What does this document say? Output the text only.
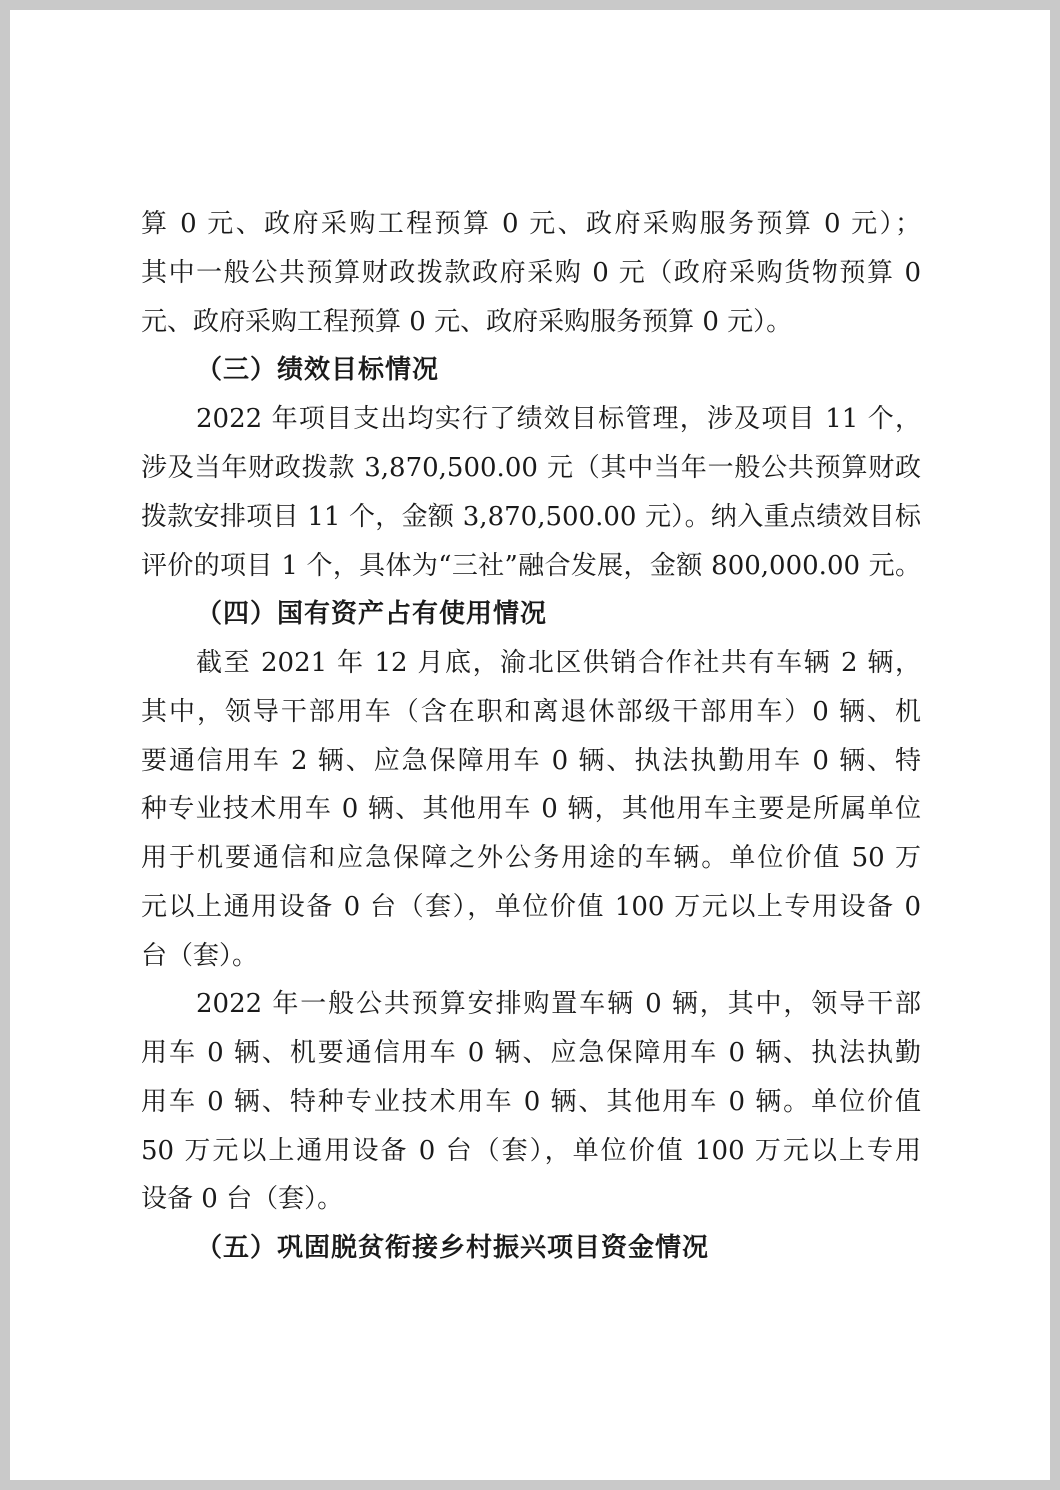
算 0 元、政府采购工程预算 0 元、政府采购服务预算 0 元）；
其中一般公共预算财政拨款政府采购 0 元（政府采购货物预算 0
元、政府采购工程预算 0 元、政府采购服务预算 0 元）。
（三）绩效目标情况
2022 年项目支出均实行了绩效目标管理，涉及项目 11 个，
涉及当年财政拨款 3,870,500.00 元（其中当年一般公共预算财政
拨款安排项目 11 个，金额 3,870,500.00 元）。纳入重点绩效目标
评价的项目 1 个，具体为“三社”融合发展，金额 800,000.00 元。
（四）国有资产占有使用情况
截至 2021 年 12 月底，渝北区供销合作社共有车辆 2 辆，
其中，领导干部用车（含在职和离退休部级干部用车）0 辆、机
要通信用车 2 辆、应急保障用车 0 辆、执法执勤用车 0 辆、特
种专业技术用车 0 辆、其他用车 0 辆，其他用车主要是所属单位
用于机要通信和应急保障之外公务用途的车辆。单位价值 50 万
元以上通用设备 0 台（套），单位价值 100 万元以上专用设备 0
台（套）。
2022 年一般公共预算安排购置车辆 0 辆，其中，领导干部
用车 0 辆、机要通信用车 0 辆、应急保障用车 0 辆、执法执勤
用车 0 辆、特种专业技术用车 0 辆、其他用车 0 辆。单位价值
50 万元以上通用设备 0 台（套），单位价值 100 万元以上专用
设备 0 台（套）。
（五）巩固脱贫衔接乡村振兴项目资金情况
